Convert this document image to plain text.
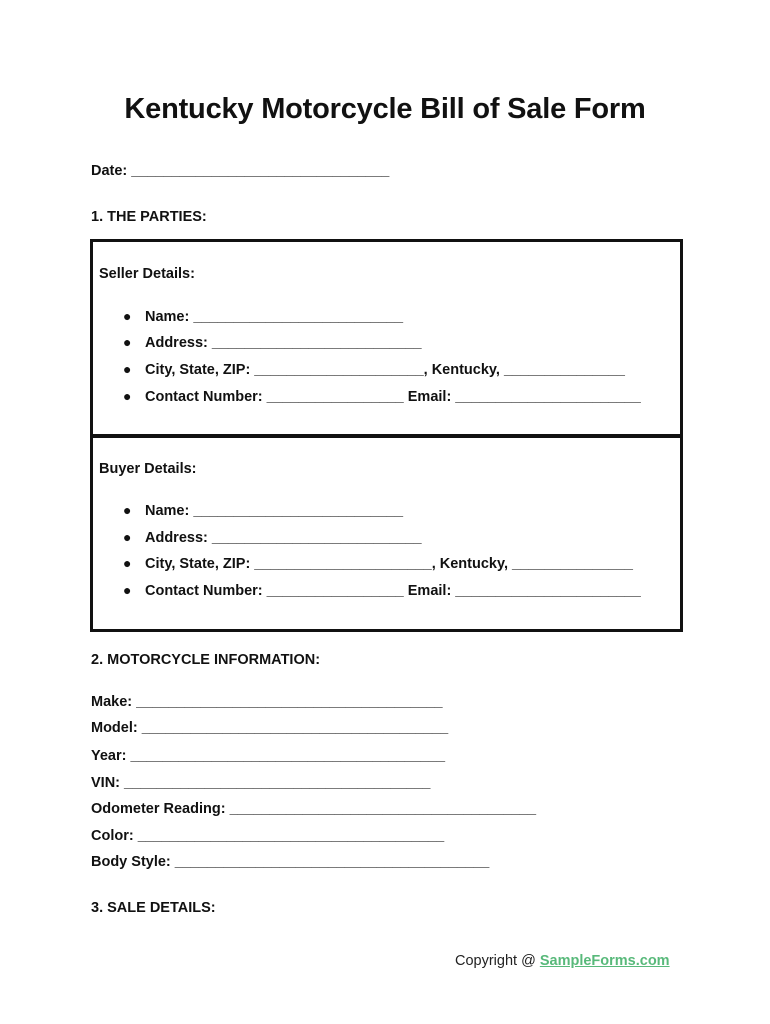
Kentucky Motorcycle Bill of Sale Form

Date: ________________________________

1. THE PARTIES:

Seller Details:
● Name: __________________________
● Address: __________________________
● City, State, ZIP: _____________________, Kentucky, _______________
● Contact Number: _________________ Email: _______________________
Buyer Details:
● Name: __________________________
● Address: __________________________
● City, State, ZIP: ______________________, Kentucky, _______________
● Contact Number: _________________ Email: _______________________

2. MOTORCYCLE INFORMATION:

Make: ______________________________________

Model: ______________________________________

Year: _______________________________________

VIN: ______________________________________

Odometer Reading: ______________________________________

Color: ______________________________________

Body Style: _______________________________________

3. SALE DETAILS:

Copyright @ SampleForms.com
